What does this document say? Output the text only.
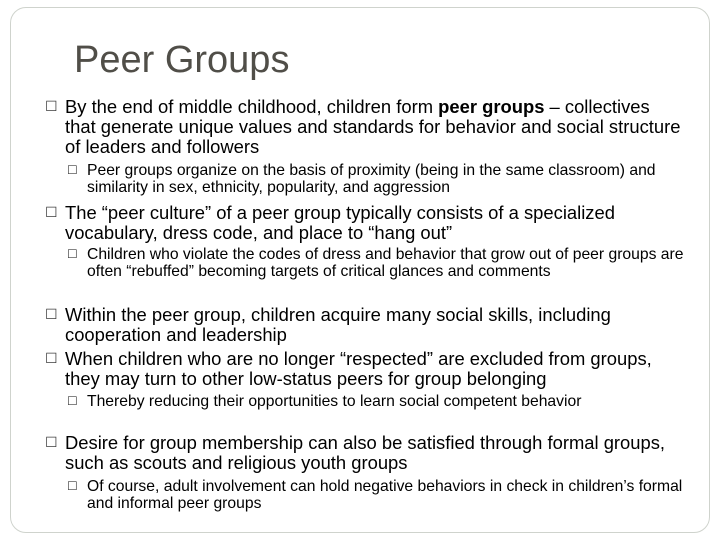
Peer Groups
☐ By the end of middle childhood, children form peer groups – collectives that generate unique values and standards for behavior and social structure of leaders and followers
☐ Peer groups organize on the basis of proximity (being in the same classroom) and similarity in sex, ethnicity, popularity, and aggression
☐ The “peer culture” of a peer group typically consists of a specialized vocabulary, dress code, and place to “hang out”
☐ Children who violate the codes of dress and behavior that grow out of peer groups are often “rebuffed” becoming targets of critical glances and comments
☐ Within the peer group, children acquire many social skills, including cooperation and leadership
☐ When children who are no longer “respected” are excluded from groups, they may turn to other low-status peers for group belonging
☐ Thereby reducing their opportunities to learn social competent behavior
☐ Desire for group membership can also be satisfied through formal groups, such as scouts and religious youth groups
☐ Of course, adult involvement can hold negative behaviors in check in children’s formal and informal peer groups
